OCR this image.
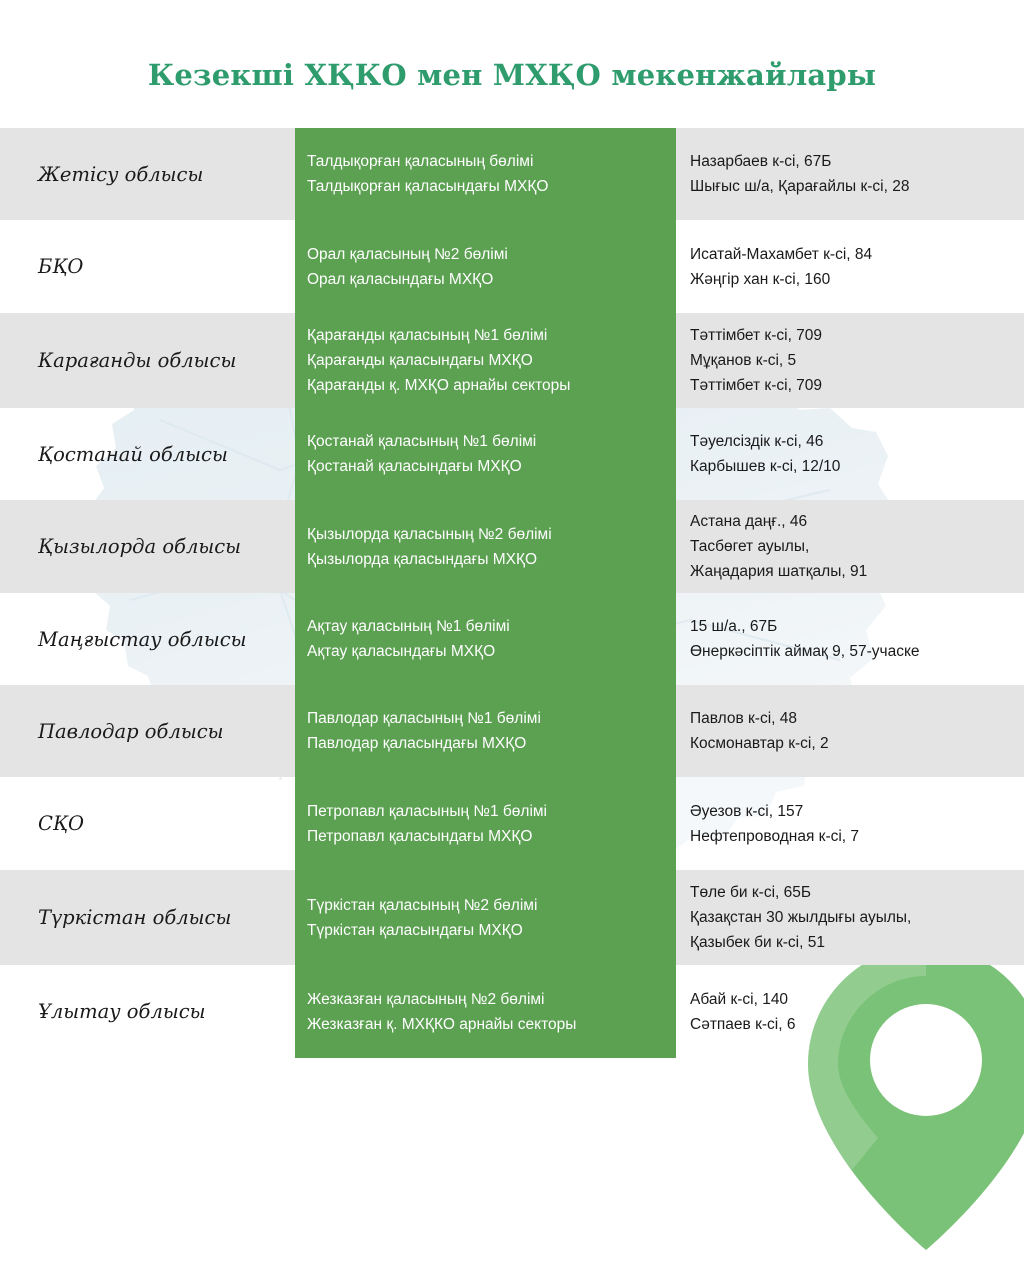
Кезекші ХҚКО мен МХҚО мекенжайлары
Жетісу облысы
Талдықорған қаласының бөлімі
Талдықорған қаласындағы МХҚО
Назарбаев к-сі, 67Б
Шығыс ш/а, Қарағайлы к-сі, 28
БҚО
Орал қаласының №2 бөлімі
Орал қаласындағы МХҚО
Исатай-Махамбет к-сі, 84
Жәңгір хан к-сі, 160
Карағанды облысы
Қарағанды қаласының №1 бөлімі
Қарағанды қаласындағы МХҚО
Қарағанды қ. МХҚО арнайы секторы
Тәттімбет к-сі, 709
Мұқанов к-сі, 5
Тәттімбет к-сі, 709
Қостанай облысы
Қостанай қаласының №1 бөлімі
Қостанай қаласындағы МХҚО
Тәуелсіздік к-сі, 46
Карбышев к-сі, 12/10
Қызылорда облысы
Қызылорда қаласының №2 бөлімі
Қызылорда қаласындағы МХҚО
Астана даңғ., 46
Тасбөгет ауылы,
Жаңадария шатқалы, 91
Маңғыстау облысы
Ақтау қаласының №1 бөлімі
Ақтау қаласындағы МХҚО
15 ш/а., 67Б
Өнеркәсіптік аймақ 9, 57-учаске
Павлодар облысы
Павлодар қаласының №1 бөлімі
Павлодар қаласындағы МХҚО
Павлов к-сі, 48
Космонавтар к-сі, 2
СҚО
Петропавл қаласының №1 бөлімі
Петропавл қаласындағы МХҚО
Әуезов к-сі, 157
Нефтепроводная к-сі, 7
Түркістан облысы
Түркістан қаласының №2 бөлімі
Түркістан қаласындағы МХҚО
Төле би к-сі, 65Б
Қазақстан 30 жылдығы ауылы,
Қазыбек би к-сі, 51
Ұлытау облысы
Жезказған қаласының №2 бөлімі
Жезказған қ. МХҚКО арнайы секторы
Абай к-сі, 140
Сәтпаев к-сі, 6
